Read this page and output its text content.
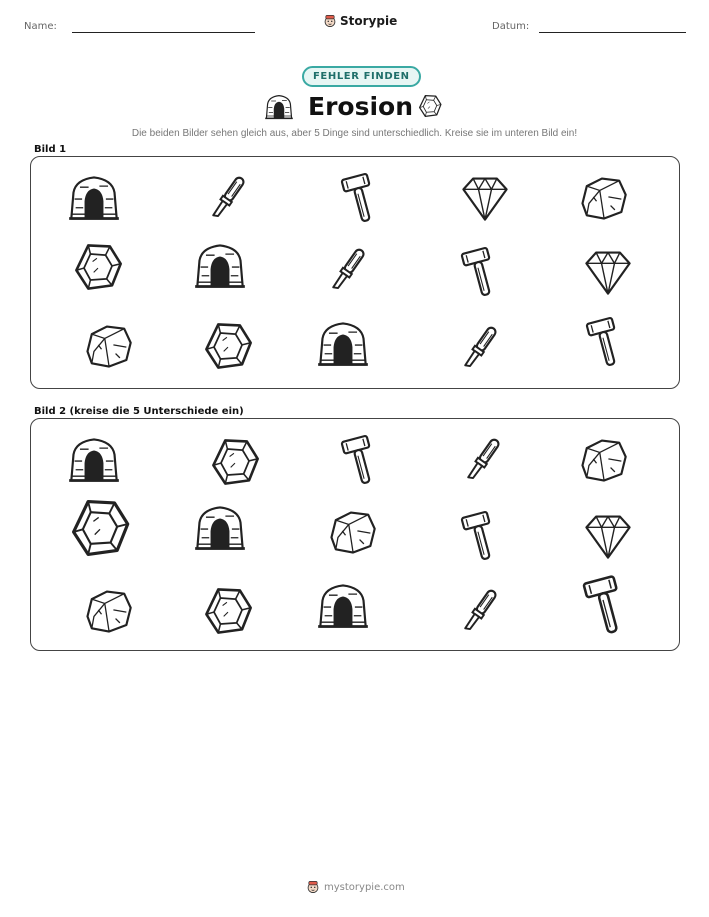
Name:	Storypie	Datum:
FEHLER FINDEN
Erosion
Die beiden Bilder sehen gleich aus, aber 5 Dinge sind unterschiedlich. Kreise sie im unteren Bild ein!
Bild 1
Bild 2 (kreise die 5 Unterschiede ein)
mystorypie.com
